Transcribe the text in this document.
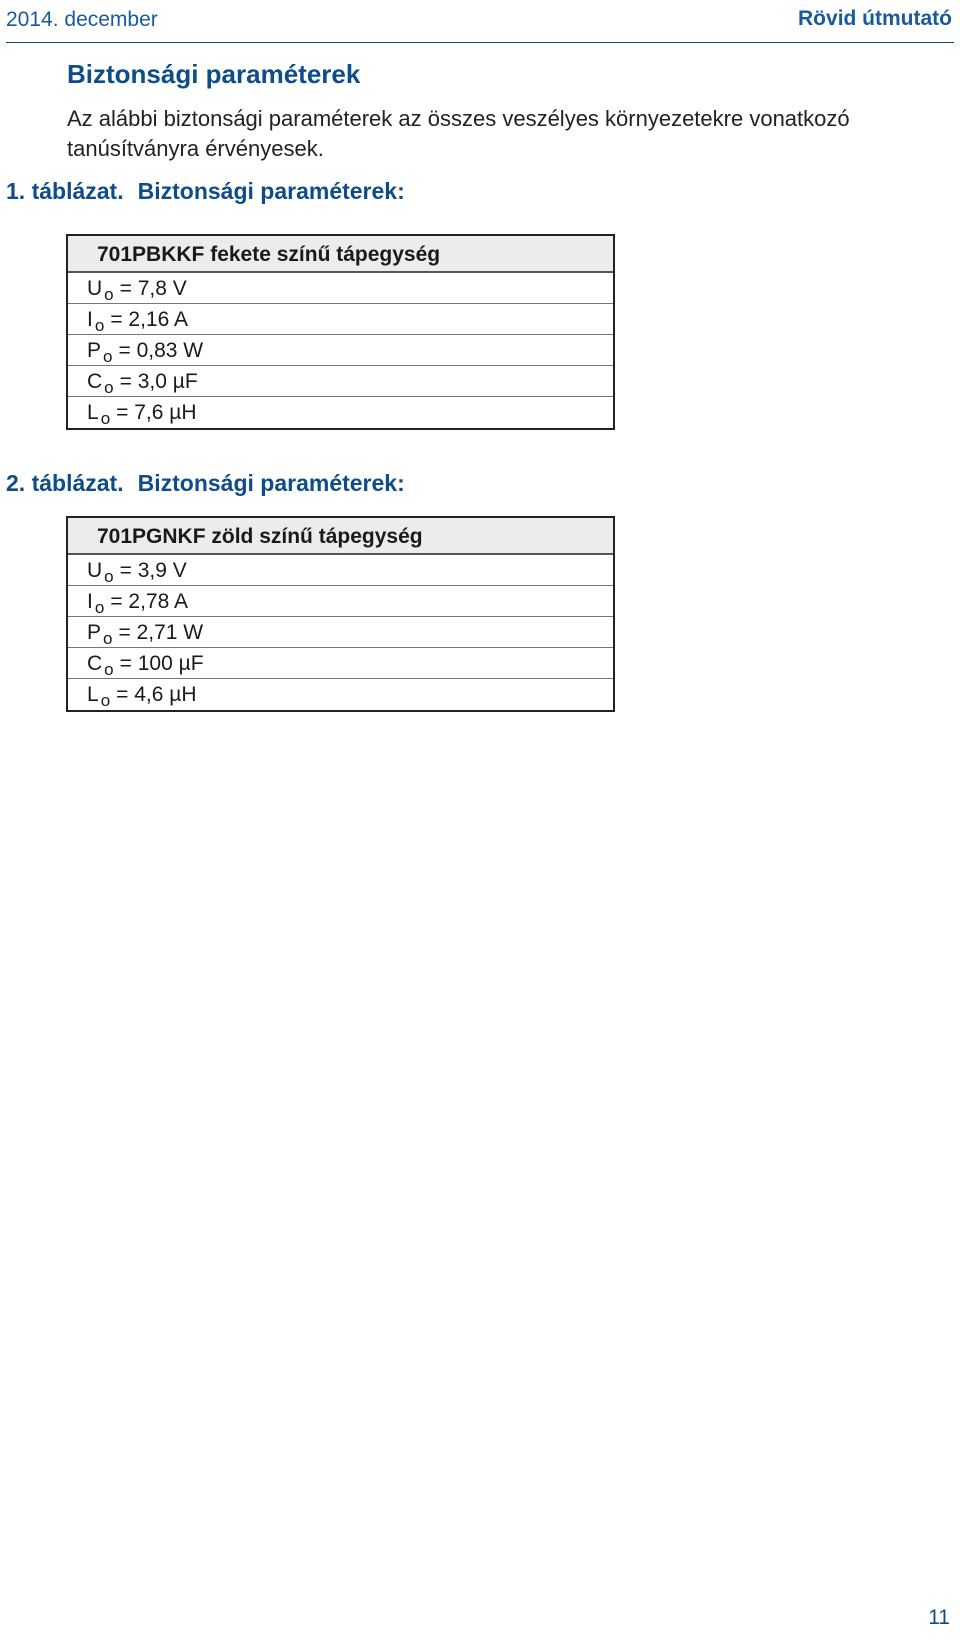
2014. december	Rövid útmutató
Biztonsági paraméterek
Az alábbi biztonsági paraméterek az összes veszélyes környezetekre vonatkozó tanúsítványra érvényesek.
1. táblázat. Biztonsági paraméterek:
701PBKKF fekete színű tápegység
U $_o$ = 7,8 V
I $_o$ = 2,16 A
P $_o$ = 0,83 W
C $_o$ = 3,0 µF
L $_o$ = 7,6 µH
2. táblázat. Biztonsági paraméterek:
701PGNKF zöld színű tápegység
U $_o$ = 3,9 V
I $_o$ = 2,78 A
P $_o$ = 2,71 W
C $_o$ = 100 µF
L $_o$ = 4,6 µH
11
